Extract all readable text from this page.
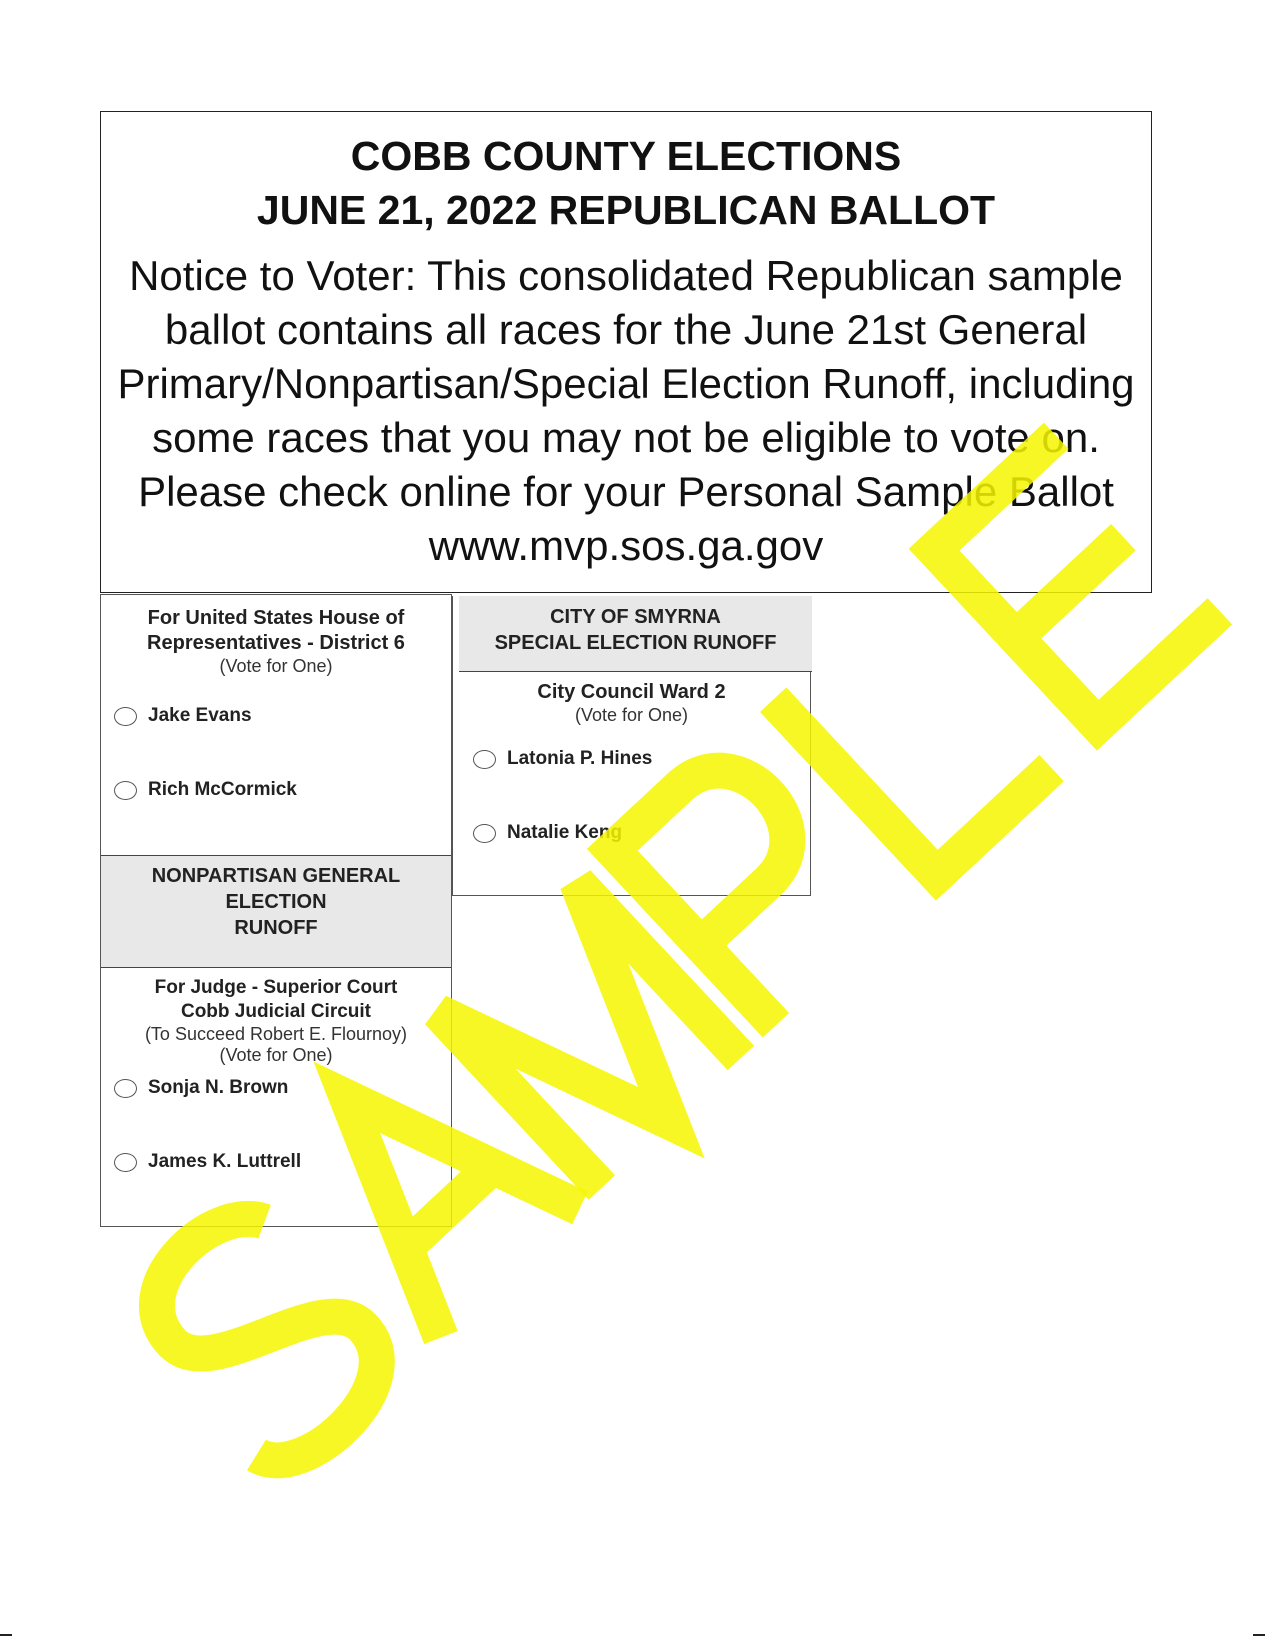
COBB COUNTY ELECTIONS
JUNE 21, 2022 REPUBLICAN BALLOT
Notice to Voter: This consolidated Republican sample ballot contains all races for the June 21st General Primary/Nonpartisan/Special Election Runoff, including some races that you may not be eligible to vote on. Please check online for your Personal Sample Ballot www.mvp.sos.ga.gov
For United States House of
Representatives - District 6
(Vote for One)
Jake Evans
Rich McCormick
NONPARTISAN GENERAL
ELECTION
RUNOFF
For Judge - Superior Court
Cobb Judicial Circuit
(To Succeed Robert E. Flournoy)
(Vote for One)
Sonja N. Brown
James K. Luttrell
CITY OF SMYRNA
SPECIAL ELECTION RUNOFF
City Council Ward 2
(Vote for One)
Latonia P. Hines
Natalie Keng
